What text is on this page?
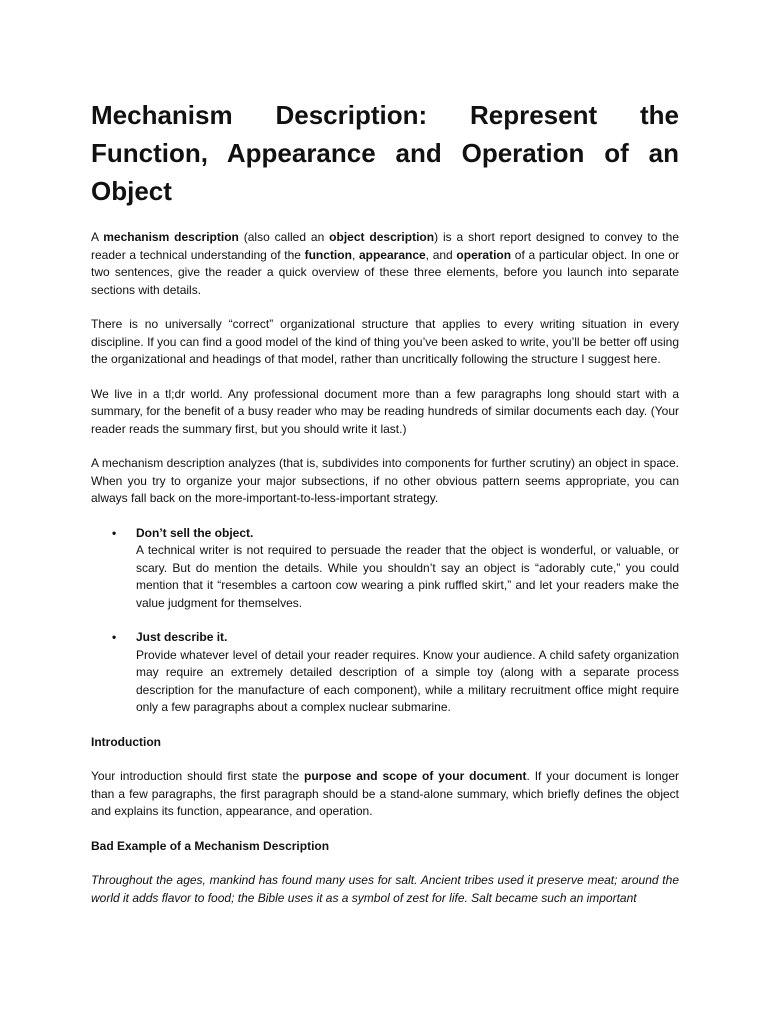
Mechanism Description: Represent the Function, Appearance and Operation of an Object

A mechanism description (also called an object description) is a short report designed to convey to the reader a technical understanding of the function, appearance, and operation of a particular object. In one or two sentences, give the reader a quick overview of these three elements, before you launch into separate sections with details.

There is no universally “correct” organizational structure that applies to every writing situation in every discipline. If you can find a good model of the kind of thing you’ve been asked to write, you’ll be better off using the organizational and headings of that model, rather than uncritically following the structure I suggest here.

We live in a tl;dr world. Any professional document more than a few paragraphs long should start with a summary, for the benefit of a busy reader who may be reading hundreds of similar documents each day. (Your reader reads the summary first, but you should write it last.)

A mechanism description analyzes (that is, subdivides into components for further scrutiny) an object in space. When you try to organize your major subsections, if no other obvious pattern seems appropriate, you can always fall back on the more-important-to-less-important strategy.

• Don’t sell the object.

A technical writer is not required to persuade the reader that the object is wonderful, or valuable, or scary. But do mention the details. While you shouldn’t say an object is “adorably cute,” you could mention that it “resembles a cartoon cow wearing a pink ruffled skirt,” and let your readers make the value judgment for themselves.

• Just describe it.

Provide whatever level of detail your reader requires. Know your audience. A child safety organization may require an extremely detailed description of a simple toy (along with a separate process description for the manufacture of each component), while a military recruitment office might require only a few paragraphs about a complex nuclear submarine.

Introduction

Your introduction should first state the purpose and scope of your document. If your document is longer than a few paragraphs, the first paragraph should be a stand-alone summary, which briefly defines the object and explains its function, appearance, and operation.

Bad Example of a Mechanism Description

Throughout the ages, mankind has found many uses for salt. Ancient tribes used it preserve meat; around the world it adds flavor to food; the Bible uses it as a symbol of zest for life. Salt became such an important
